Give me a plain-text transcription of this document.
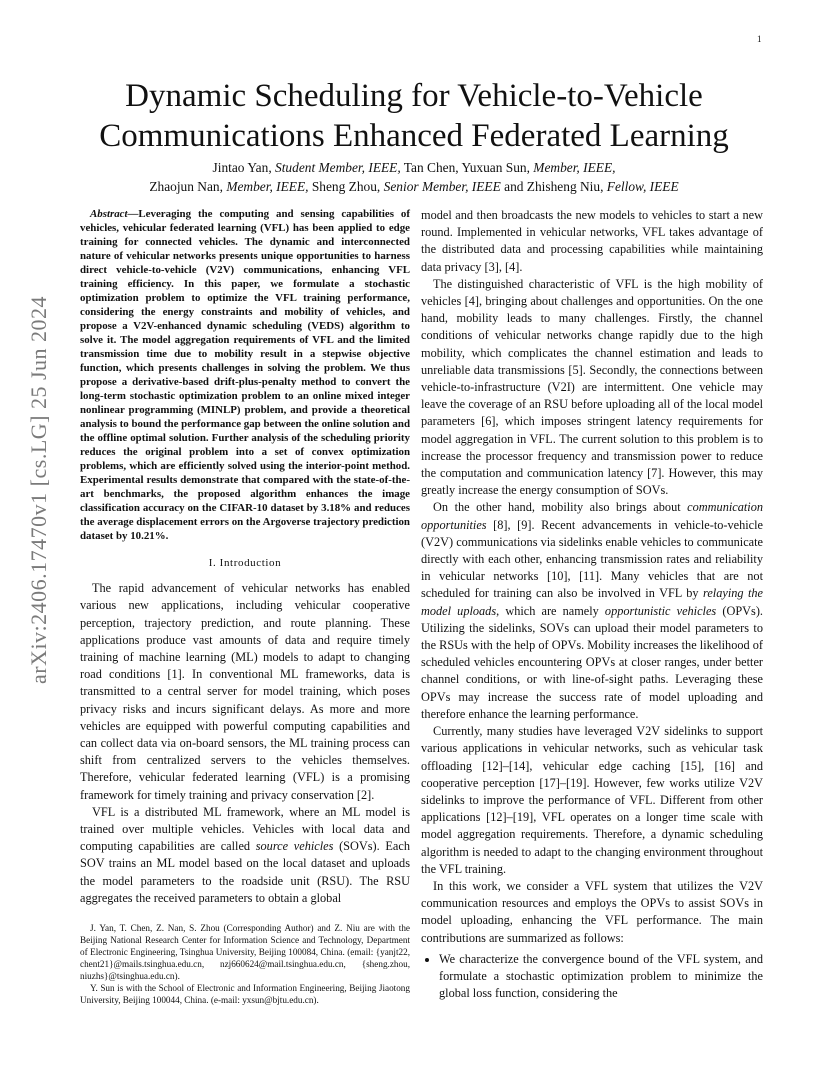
1
arXiv:2406.17470v1 [cs.LG] 25 Jun 2024
Dynamic Scheduling for Vehicle-to-Vehicle
Communications Enhanced Federated Learning
Jintao Yan, Student Member, IEEE, Tan Chen, Yuxuan Sun, Member, IEEE,
Zhaojun Nan, Member, IEEE, Sheng Zhou, Senior Member, IEEE and Zhisheng Niu, Fellow, IEEE
Abstract—Leveraging the computing and sensing capabilities of vehicles, vehicular federated learning (VFL) has been applied to edge training for connected vehicles. The dynamic and interconnected nature of vehicular networks presents unique opportunities to harness direct vehicle-to-vehicle (V2V) communications, enhancing VFL training efficiency. In this paper, we formulate a stochastic optimization problem to optimize the VFL training performance, considering the energy constraints and mobility of vehicles, and propose a V2V-enhanced dynamic scheduling (VEDS) algorithm to solve it. The model aggregation requirements of VFL and the limited transmission time due to mobility result in a stepwise objective function, which presents challenges in solving the problem. We thus propose a derivative-based drift-plus-penalty method to convert the long-term stochastic optimization problem to an online mixed integer nonlinear programming (MINLP) problem, and provide a theoretical analysis to bound the performance gap between the online solution and the offline optimal solution. Further analysis of the scheduling priority reduces the original problem into a set of convex optimization problems, which are efficiently solved using the interior-point method. Experimental results demonstrate that compared with the state-of-the-art benchmarks, the proposed algorithm enhances the image classification accuracy on the CIFAR-10 dataset by 3.18% and reduces the average displacement errors on the Argoverse trajectory prediction dataset by 10.21%.
I. Introduction

The rapid advancement of vehicular networks has enabled various new applications, including vehicular cooperative perception, trajectory prediction, and route planning. These applications produce vast amounts of data and require timely training of machine learning (ML) models to adapt to changing road conditions [1]. In conventional ML frameworks, data is transmitted to a central server for model training, which poses privacy risks and incurs significant delays. As more and more vehicles are equipped with powerful computing capabilities and can collect data via on-board sensors, the ML training process can shift from centralized servers to the vehicles themselves. Therefore, vehicular federated learning (VFL) is a promising framework for timely training and privacy conservation [2].

VFL is a distributed ML framework, where an ML model is trained over multiple vehicles. Vehicles with local data and computing capabilities are called source vehicles (SOVs). Each SOV trains an ML model based on the local dataset and uploads the model parameters to the roadside unit (RSU). The RSU aggregates the received parameters to obtain a global

J. Yan, T. Chen, Z. Nan, S. Zhou (Corresponding Author) and Z. Niu are with the Beijing National Research Center for Information Science and Technology, Department of Electronic Engineering, Tsinghua University, Beijing 100084, China. (email: {yanjt22, chent21}@mails.tsinghua.edu.cn, nzj660624@mail.tsinghua.edu.cn, {sheng.zhou, niuzhs}@tsinghua.edu.cn).

Y. Sun is with the School of Electronic and Information Engineering, Beijing Jiaotong University, Beijing 100044, China. (e-mail: yxsun@bjtu.edu.cn).

model and then broadcasts the new models to vehicles to start a new round. Implemented in vehicular networks, VFL takes advantage of the distributed data and processing capabilities while maintaining data privacy [3], [4].

The distinguished characteristic of VFL is the high mobility of vehicles [4], bringing about challenges and opportunities. On the one hand, mobility leads to many challenges. Firstly, the channel conditions of vehicular networks change rapidly due to the high mobility, which complicates the channel estimation and leads to unreliable data transmissions [5]. Secondly, the connections between vehicle-to-infrastructure (V2I) are intermittent. One vehicle may leave the coverage of an RSU before uploading all of the local model parameters [6], which imposes stringent latency requirements for model aggregation in VFL. The current solution to this problem is to increase the processor frequency and transmission power to reduce the computation and communication latency [7]. However, this may greatly increase the energy consumption of SOVs.

On the other hand, mobility also brings about communication opportunities [8], [9]. Recent advancements in vehicle-to-vehicle (V2V) communications via sidelinks enable vehicles to communicate directly with each other, enhancing transmission rates and reliability in vehicular networks [10], [11]. Many vehicles that are not scheduled for training can also be involved in VFL by relaying the model uploads, which are namely opportunistic vehicles (OPVs). Utilizing the sidelinks, SOVs can upload their model parameters to the RSUs with the help of OPVs. Mobility increases the likelihood of scheduled vehicles encountering OPVs at closer ranges, under better channel conditions, or with line-of-sight paths. Leveraging these OPVs may increase the success rate of model uploading and therefore enhance the learning performance.

Currently, many studies have leveraged V2V sidelinks to support various applications in vehicular networks, such as vehicular task offloading [12]–[14], vehicular edge caching [15], [16] and cooperative perception [17]–[19]. However, few works utilize V2V sidelinks to improve the performance of VFL. Different from other applications [12]–[19], VFL operates on a longer time scale with model aggregation requirements. Therefore, a dynamic scheduling algorithm is needed to adapt to the changing environment throughout the VFL training.

In this work, we consider a VFL system that utilizes the V2V communication resources and employs the OPVs to assist SOVs in model uploading, enhancing the VFL performance. The main contributions are summarized as follows:

• We characterize the convergence bound of the VFL system, and formulate a stochastic optimization problem to minimize the global loss function, considering the
